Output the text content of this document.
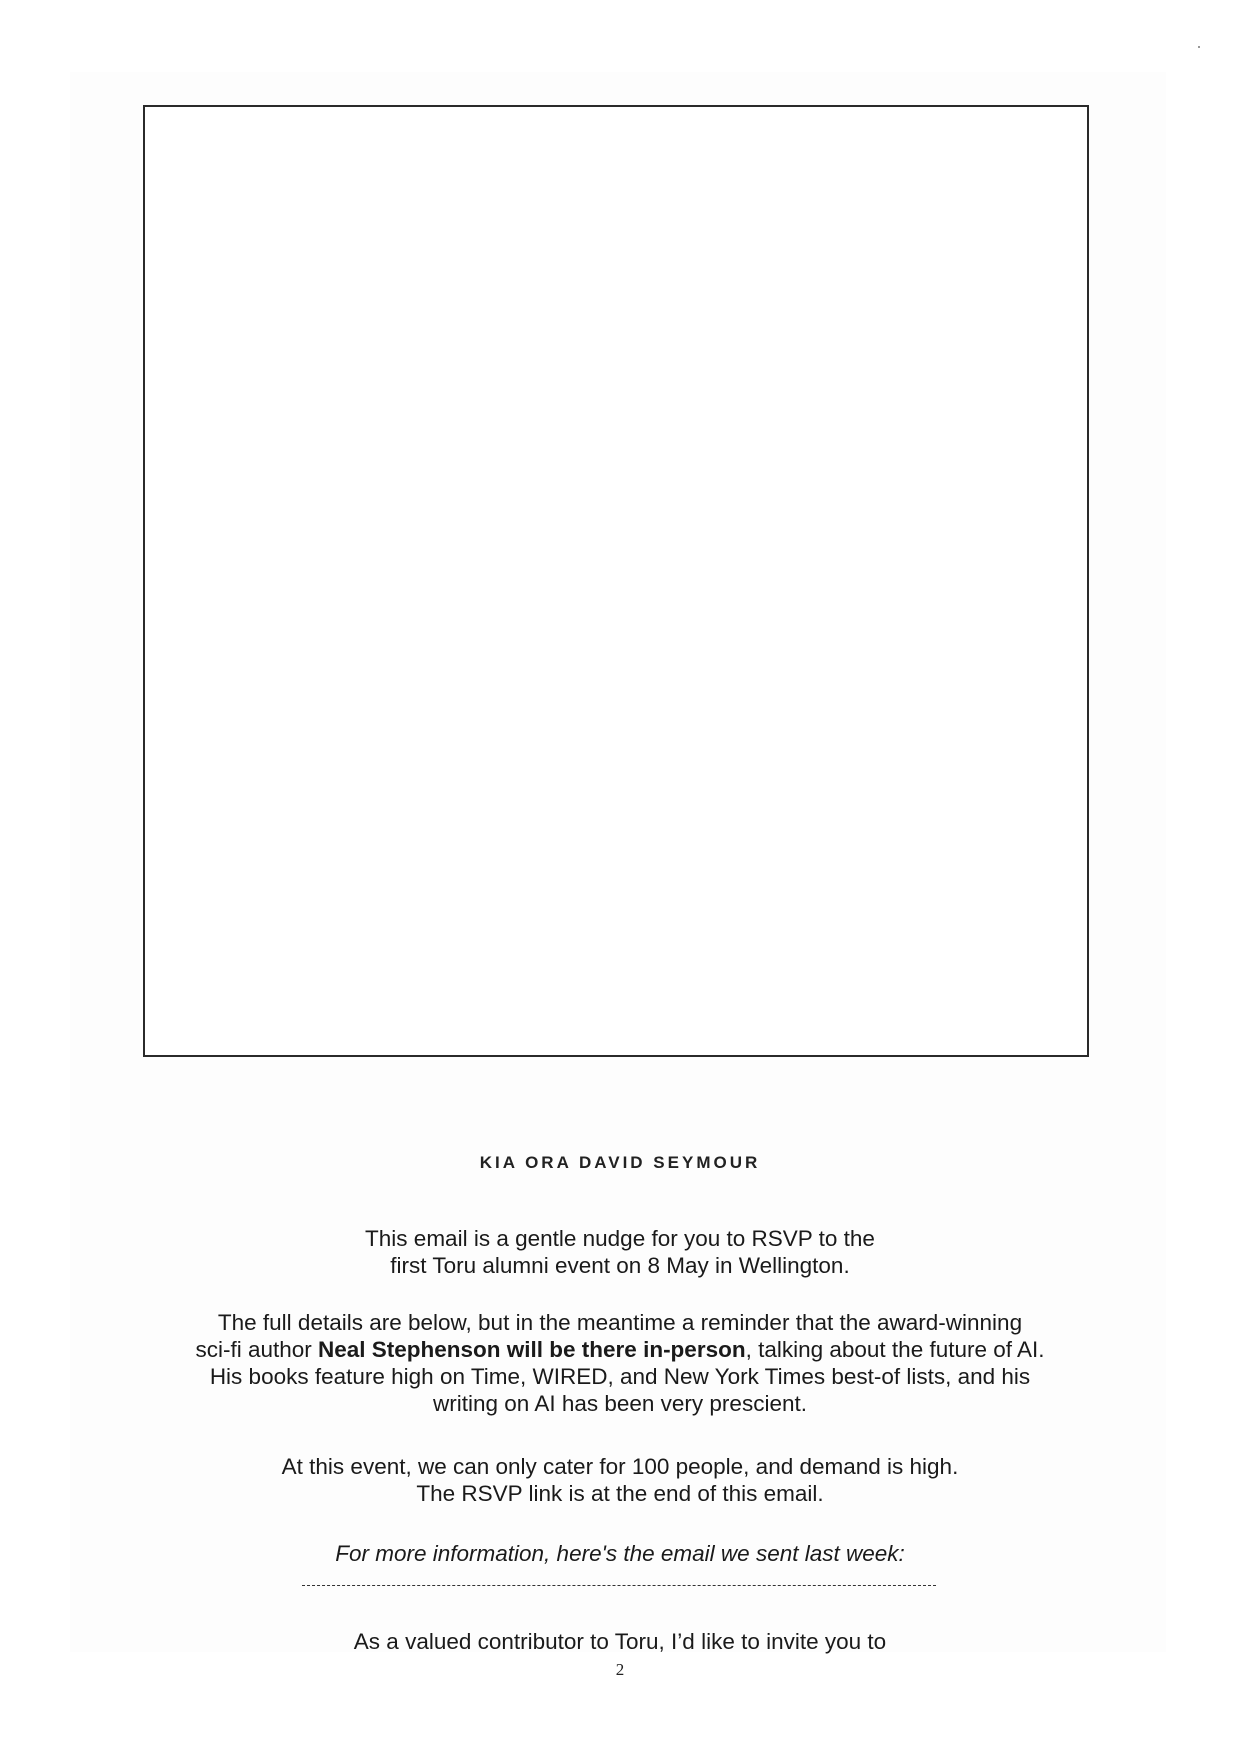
KIA ORA DAVID SEYMOUR
This email is a gentle nudge for you to RSVP to the
first Toru alumni event on 8 May in Wellington.
The full details are below, but in the meantime a reminder that the award-winning
sci-fi author Neal Stephenson will be there in-person, talking about the future of AI.
His books feature high on Time, WIRED, and New York Times best-of lists, and his
writing on AI has been very prescient.
At this event, we can only cater for 100 people, and demand is high.
The RSVP link is at the end of this email.
For more information, here's the email we sent last week:
As a valued contributor to Toru, I’d like to invite you to
2
